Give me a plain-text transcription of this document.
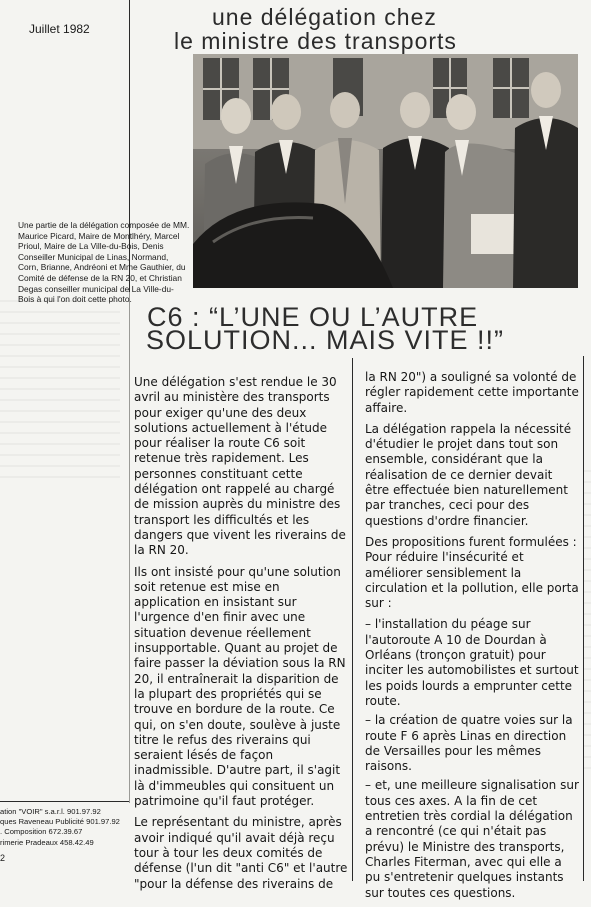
Juillet 1982	une délégation chez
le ministre des transports
Une partie de la délégation composée de MM. Maurice Picard, Maire de Montlhéry, Marcel Prioul, Maire de La Ville-du-Bois, Denis Conseiller Municipal de Linas, Normand, Corn, Brianne, Andréoni et Mme Gauthier, du Comité de défense de la RN 20, et Christian Degas conseiller municipal de La Ville-du-Bois à qui l'on doit cette photo.
C6 : “L’UNE OU L’AUTRE
SOLUTION... MAIS VITE !!”

Une délégation s'est rendue le 30 avril au ministère des transports pour exiger qu'une des deux solutions actuellement à l'étude pour réaliser la route C6 soit retenue très rapidement. Les personnes constituant cette délégation ont rappelé au chargé de mission auprès du ministre des transport les difficultés et les dangers que vivent les riverains de la RN 20.

Ils ont insisté pour qu'une solution soit retenue est mise en application en insistant sur l'urgence d'en finir avec une situation devenue réellement insupportable. Quant au projet de faire passer la déviation sous la RN 20, il entraînerait la disparition de la plupart des propriétés qui se trouve en bordure de la route. Ce qui, on s'en doute, soulève à juste titre le refus des riverains qui seraient lésés de façon inadmissible. D'autre part, il s'agit là d'immeubles qui consituent un patrimoine qu'il faut protéger.

Le représentant du ministre, après avoir indiqué qu'il avait déjà reçu tour à tour les deux comités de défense (l'un dit "anti C6" et l'autre "pour la défense des riverains de

la RN 20") a souligné sa volonté de régler rapidement cette importante affaire.

La délégation rappela la nécessité d'étudier le projet dans tout son ensemble, considérant que la réalisation de ce dernier devait être effectuée bien naturellement par tranches, ceci pour des questions d'ordre financier.

Des propositions furent formulées : Pour réduire l'insécurité et améliorer sensiblement la circulation et la pollution, elle porta sur :

– l'installation du péage sur l'autoroute A 10 de Dourdan à Orléans (tronçon gratuit) pour inciter les automobilistes et surtout les poids lourds a emprunter cette route.

– la création de quatre voies sur la route F 6 après Linas en direction de Versailles pour les mêmes raisons.

– et, une meilleure signalisation sur tous ces axes. A la fin de cet entretien très cordial la délégation a rencontré (ce qui n'était pas prévu) le Ministre des transports, Charles Fiterman, avec qui elle a pu s'entretenir quelques instants sur toutes ces questions.

ation "VOIR" s.a.r.l. 901.97.92
ques Raveneau Publicité 901.97.92
. Composition 672.39.67
rimerie Pradeaux 458.42.49
2
